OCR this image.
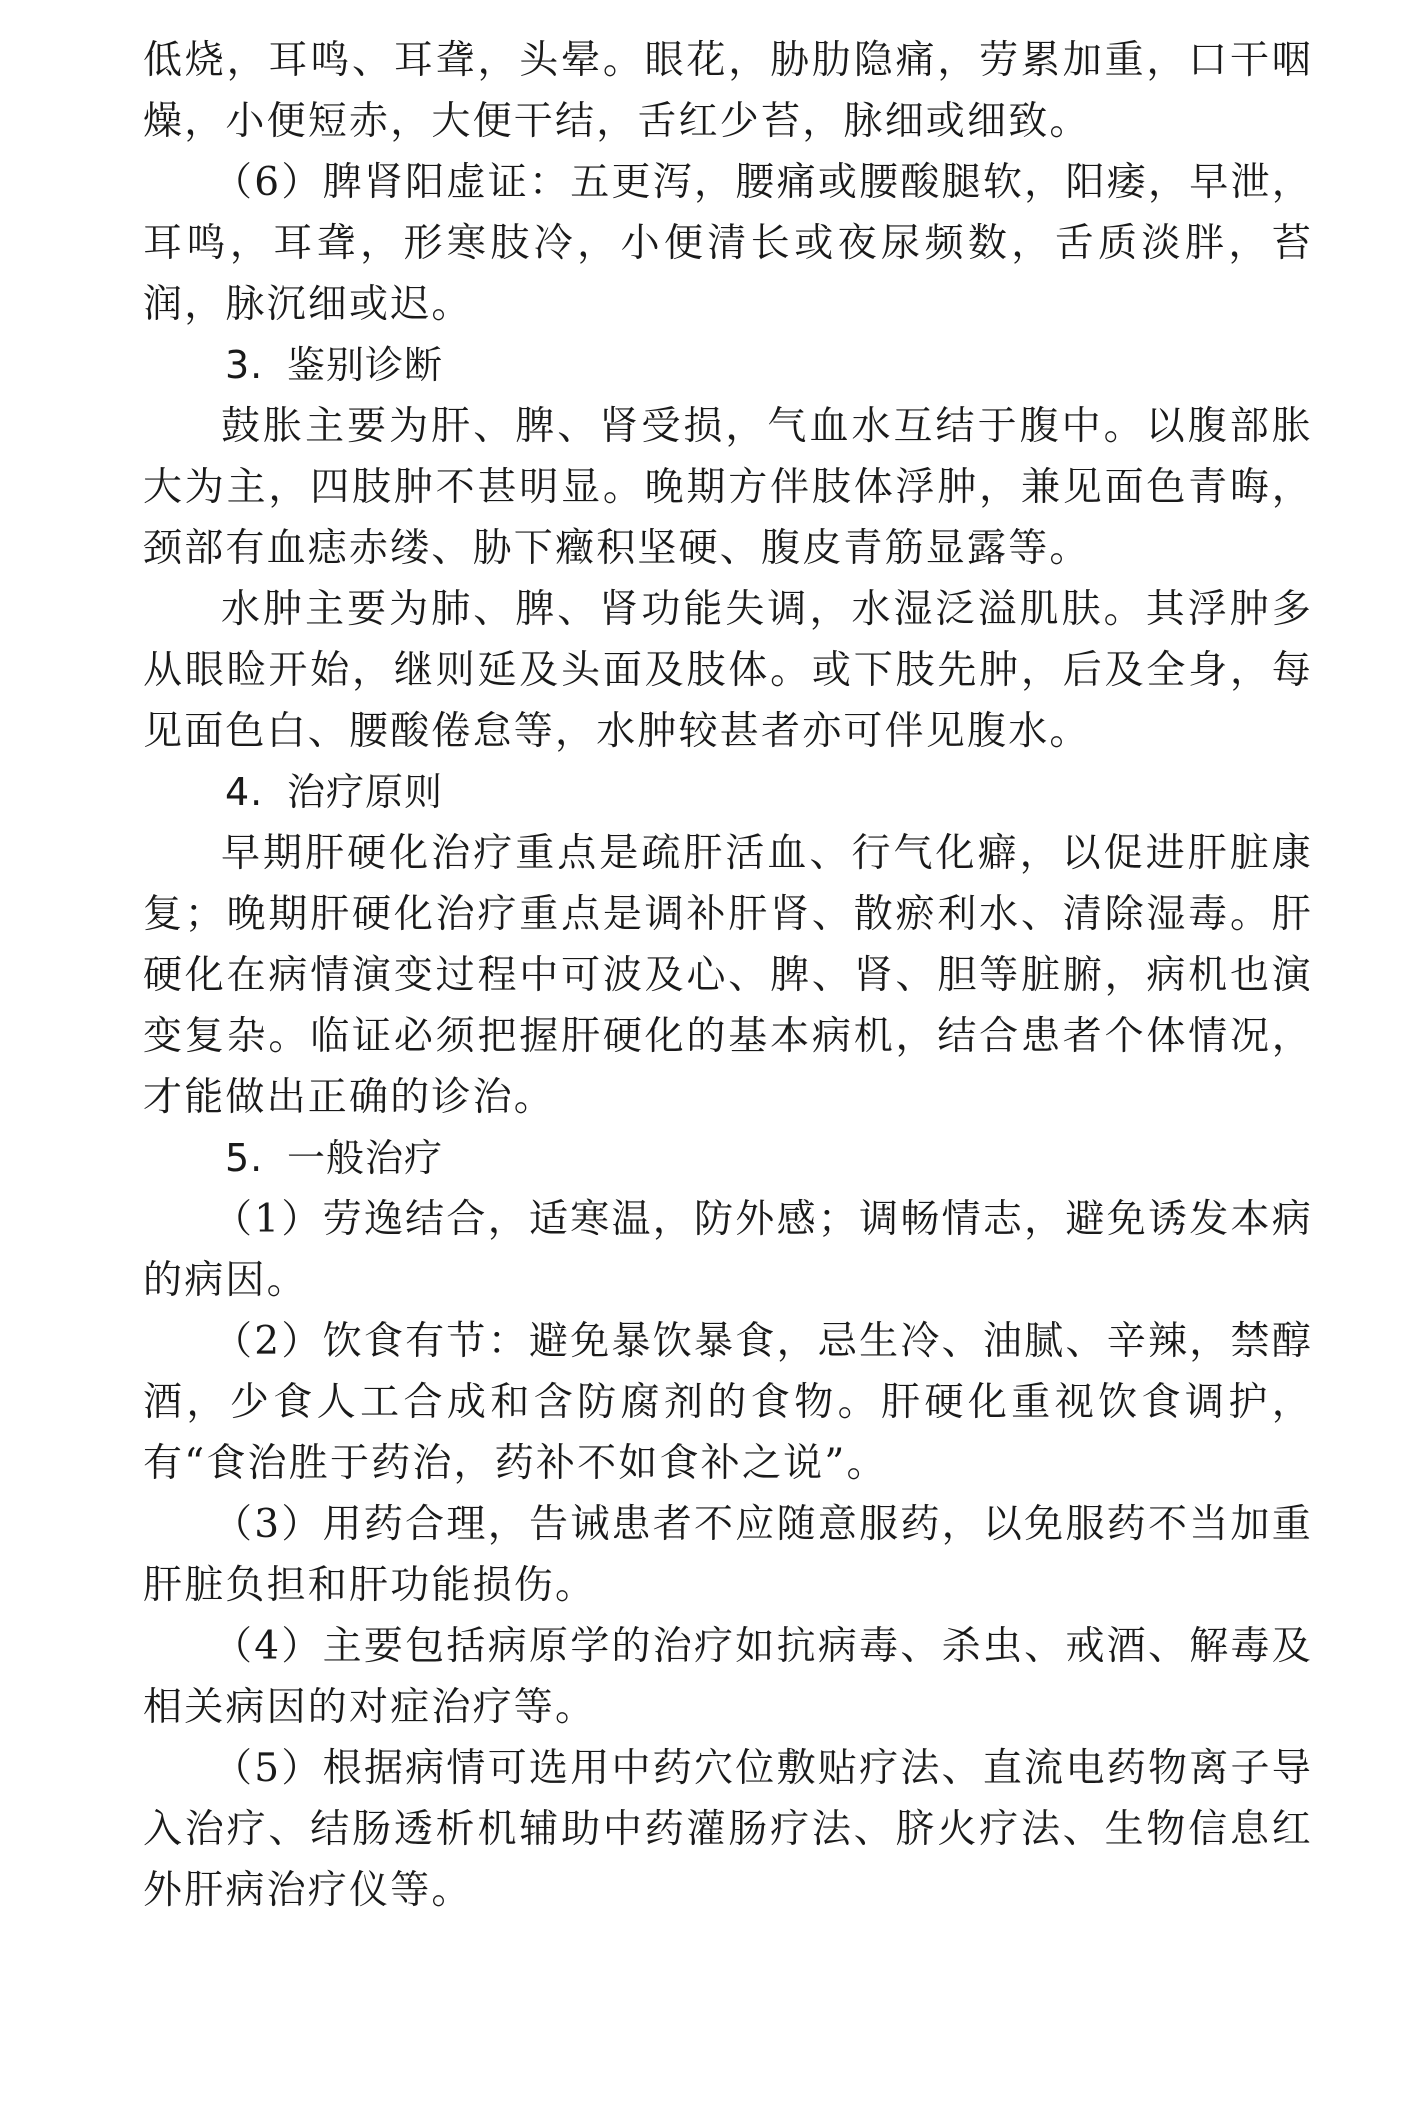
低烧，耳鸣、耳聋，头晕。眼花，胁肋隐痛，劳累加重，口干咽燥，小便短赤，大便干结，舌红少苔，脉细或细致。

（6）脾肾阳虚证：五更泻，腰痛或腰酸腿软，阳痿，早泄，耳鸣，耳聋，形寒肢冷，小便清长或夜尿频数，舌质淡胖，苔润，脉沉细或迟。

3. 鉴别诊断

鼓胀主要为肝、脾、肾受损，气血水互结于腹中。以腹部胀大为主，四肢肿不甚明显。晚期方伴肢体浮肿，兼见面色青晦，颈部有血痣赤缕、胁下癥积坚硬、腹皮青筋显露等。

水肿主要为肺、脾、肾功能失调，水湿泛溢肌肤。其浮肿多从眼睑开始，继则延及头面及肢体。或下肢先肿，后及全身，每见面色白、腰酸倦怠等，水肿较甚者亦可伴见腹水。

4. 治疗原则

早期肝硬化治疗重点是疏肝活血、行气化癖，以促进肝脏康复；晚期肝硬化治疗重点是调补肝肾、散瘀利水、清除湿毒。肝硬化在病情演变过程中可波及心、脾、肾、胆等脏腑，病机也演变复杂。临证必须把握肝硬化的基本病机，结合患者个体情况，才能做出正确的诊治。

5. 一般治疗

（1）劳逸结合，适寒温，防外感；调畅情志，避免诱发本病的病因。

（2）饮食有节：避免暴饮暴食，忌生冷、油腻、辛辣，禁醇酒，少食人工合成和含防腐剂的食物。肝硬化重视饮食调护，有“食治胜于药治，药补不如食补之说”。

（3）用药合理，告诫患者不应随意服药，以免服药不当加重肝脏负担和肝功能损伤。

（4）主要包括病原学的治疗如抗病毒、杀虫、戒酒、解毒及相关病因的对症治疗等。

（5）根据病情可选用中药穴位敷贴疗法、直流电药物离子导入治疗、结肠透析机辅助中药灌肠疗法、脐火疗法、生物信息红外肝病治疗仪等。
